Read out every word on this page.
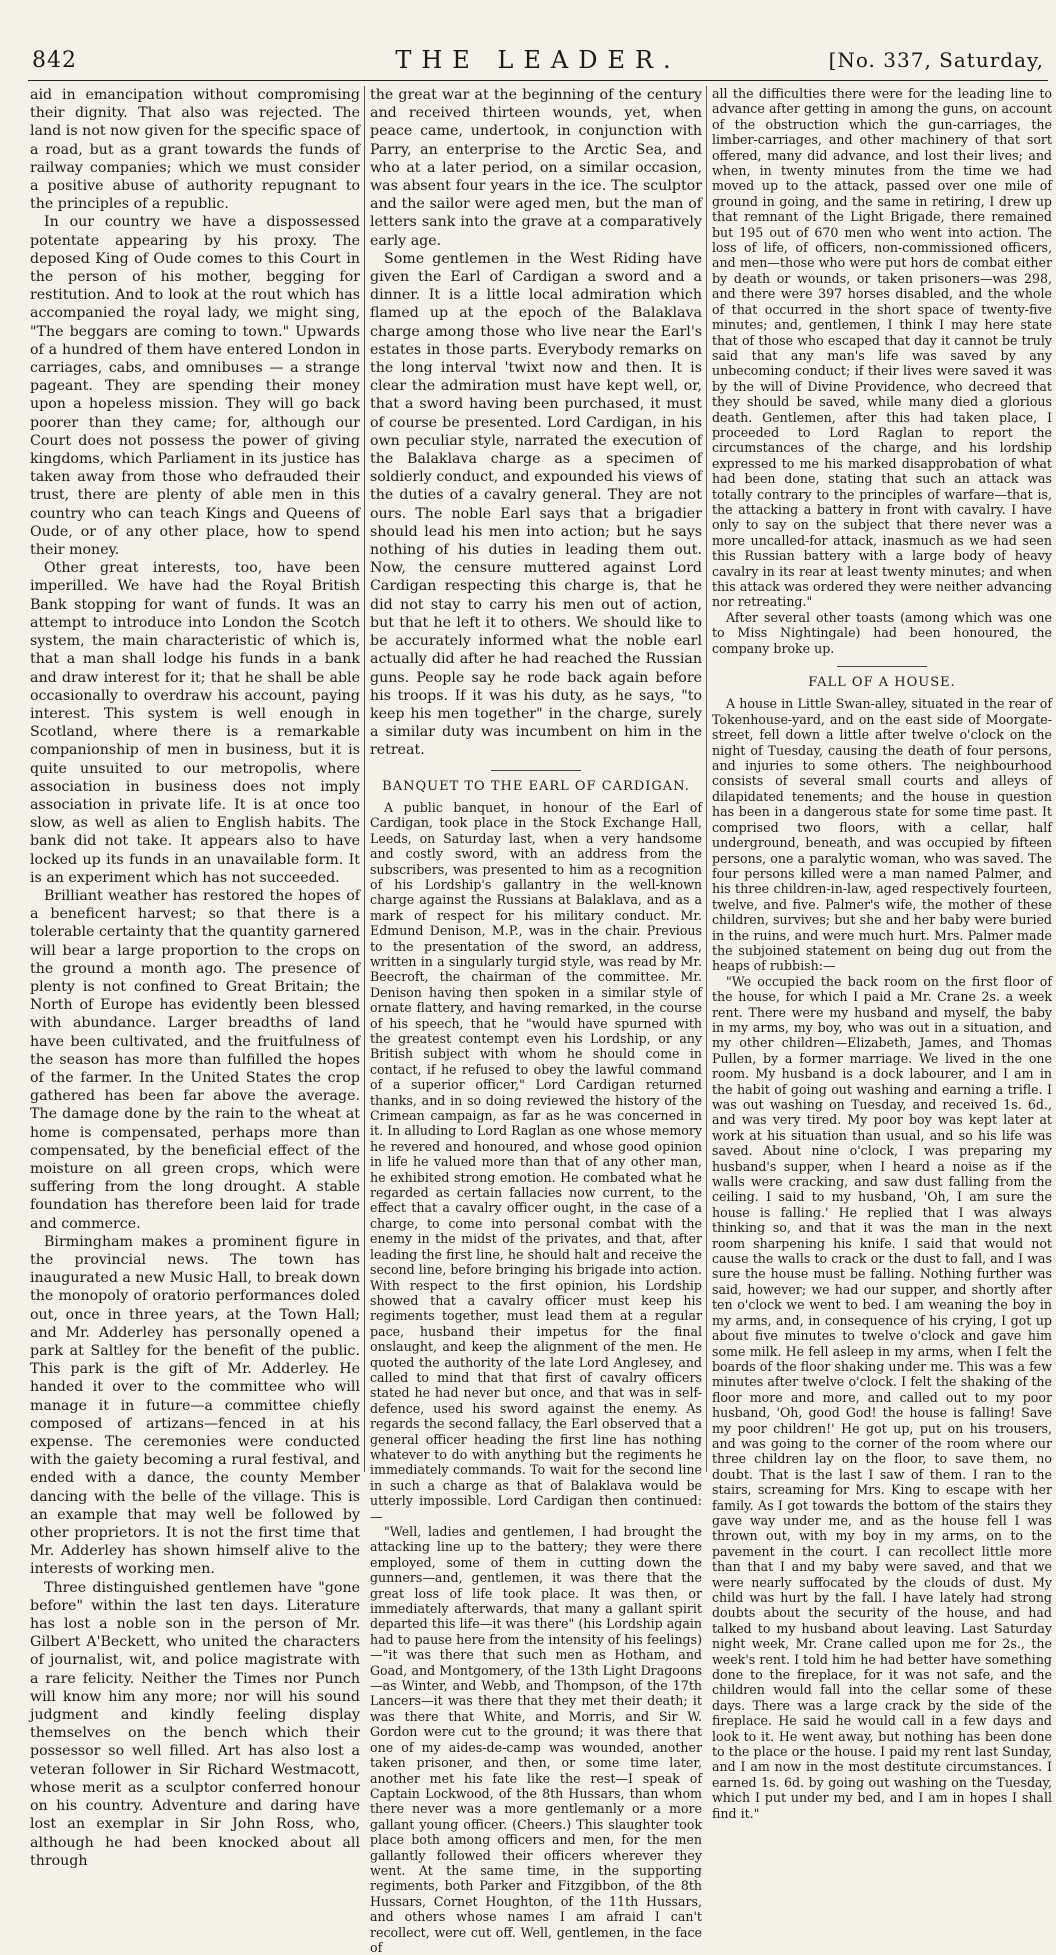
842	THE LEADER.	[No. 337, Saturday,

aid in emancipation without compromising their dignity. That also was rejected. The land is not now given for the specific space of a road, but as a grant towards the funds of railway companies; which we must consider a positive abuse of authority repugnant to the principles of a republic.

In our country we have a dispossessed potentate appearing by his proxy. The deposed King of Oude comes to this Court in the person of his mother, begging for restitution. And to look at the rout which has accompanied the royal lady, we might sing, "The beggars are coming to town." Upwards of a hundred of them have entered London in carriages, cabs, and omnibuses — a strange pageant. They are spending their money upon a hopeless mission. They will go back poorer than they came; for, although our Court does not possess the power of giving kingdoms, which Parliament in its justice has taken away from those who defrauded their trust, there are plenty of able men in this country who can teach Kings and Queens of Oude, or of any other place, how to spend their money.

Other great interests, too, have been imperilled. We have had the Royal British Bank stopping for want of funds. It was an attempt to introduce into London the Scotch system, the main characteristic of which is, that a man shall lodge his funds in a bank and draw interest for it; that he shall be able occasionally to overdraw his account, paying interest. This system is well enough in Scotland, where there is a remarkable companionship of men in business, but it is quite unsuited to our metropolis, where association in business does not imply association in private life. It is at once too slow, as well as alien to English habits. The bank did not take. It appears also to have locked up its funds in an unavailable form. It is an experiment which has not succeeded.

Brilliant weather has restored the hopes of a beneficent harvest; so that there is a tolerable certainty that the quantity garnered will bear a large proportion to the crops on the ground a month ago. The presence of plenty is not confined to Great Britain; the North of Europe has evidently been blessed with abundance. Larger breadths of land have been cultivated, and the fruitfulness of the season has more than fulfilled the hopes of the farmer. In the United States the crop gathered has been far above the average. The damage done by the rain to the wheat at home is compensated, perhaps more than compensated, by the beneficial effect of the moisture on all green crops, which were suffering from the long drought. A stable foundation has therefore been laid for trade and commerce.

Birmingham makes a prominent figure in the provincial news. The town has inaugurated a new Music Hall, to break down the monopoly of oratorio performances doled out, once in three years, at the Town Hall; and Mr. Adderley has personally opened a park at Saltley for the benefit of the public. This park is the gift of Mr. Adderley. He handed it over to the committee who will manage it in future—a committee chiefly composed of artizans—fenced in at his expense. The ceremonies were conducted with the gaiety becoming a rural festival, and ended with a dance, the county Member dancing with the belle of the village. This is an example that may well be followed by other proprietors. It is not the first time that Mr. Adderley has shown himself alive to the interests of working men.

Three distinguished gentlemen have "gone before" within the last ten days. Literature has lost a noble son in the person of Mr. Gilbert A'Beckett, who united the characters of journalist, wit, and police magistrate with a rare felicity. Neither the Times nor Punch will know him any more; nor will his sound judgment and kindly feeling display themselves on the bench which their possessor so well filled. Art has also lost a veteran follower in Sir Richard Westmacott, whose merit as a sculptor conferred honour on his country. Adventure and daring have lost an exemplar in Sir John Ross, who, although he had been knocked about all through

the great war at the beginning of the century and received thirteen wounds, yet, when peace came, undertook, in conjunction with Parry, an enterprise to the Arctic Sea, and who at a later period, on a similar occasion, was absent four years in the ice. The sculptor and the sailor were aged men, but the man of letters sank into the grave at a comparatively early age.

Some gentlemen in the West Riding have given the Earl of Cardigan a sword and a dinner. It is a little local admiration which flamed up at the epoch of the Balaklava charge among those who live near the Earl's estates in those parts. Everybody remarks on the long interval 'twixt now and then. It is clear the admiration must have kept well, or, that a sword having been purchased, it must of course be presented. Lord Cardigan, in his own peculiar style, narrated the execution of the Balaklava charge as a specimen of soldierly conduct, and expounded his views of the duties of a cavalry general. They are not ours. The noble Earl says that a brigadier should lead his men into action; but he says nothing of his duties in leading them out. Now, the censure muttered against Lord Cardigan respecting this charge is, that he did not stay to carry his men out of action, but that he left it to others. We should like to be accurately informed what the noble earl actually did after he had reached the Russian guns. People say he rode back again before his troops. If it was his duty, as he says, "to keep his men together" in the charge, surely a similar duty was incumbent on him in the retreat.

BANQUET TO THE EARL OF CARDIGAN.

A public banquet, in honour of the Earl of Cardigan, took place in the Stock Exchange Hall, Leeds, on Saturday last, when a very handsome and costly sword, with an address from the subscribers, was presented to him as a recognition of his Lordship's gallantry in the well-known charge against the Russians at Balaklava, and as a mark of respect for his military conduct. Mr. Edmund Denison, M.P., was in the chair. Previous to the presentation of the sword, an address, written in a singularly turgid style, was read by Mr. Beecroft, the chairman of the committee. Mr. Denison having then spoken in a similar style of ornate flattery, and having remarked, in the course of his speech, that he "would have spurned with the greatest contempt even his Lordship, or any British subject with whom he should come in contact, if he refused to obey the lawful command of a superior officer," Lord Cardigan returned thanks, and in so doing reviewed the history of the Crimean campaign, as far as he was concerned in it. In alluding to Lord Raglan as one whose memory he revered and honoured, and whose good opinion in life he valued more than that of any other man, he exhibited strong emotion. He combated what he regarded as certain fallacies now current, to the effect that a cavalry officer ought, in the case of a charge, to come into personal combat with the enemy in the midst of the privates, and that, after leading the first line, he should halt and receive the second line, before bringing his brigade into action. With respect to the first opinion, his Lordship showed that a cavalry officer must keep his regiments together, must lead them at a regular pace, husband their impetus for the final onslaught, and keep the alignment of the men. He quoted the authority of the late Lord Anglesey, and called to mind that that first of cavalry officers stated he had never but once, and that was in self-defence, used his sword against the enemy. As regards the second fallacy, the Earl observed that a general officer heading the first line has nothing whatever to do with anything but the regiments he immediately commands. To wait for the second line in such a charge as that of Balaklava would be utterly impossible. Lord Cardigan then continued:—

"Well, ladies and gentlemen, I had brought the attacking line up to the battery; they were there employed, some of them in cutting down the gunners—and, gentlemen, it was there that the great loss of life took place. It was then, or immediately afterwards, that many a gallant spirit departed this life—it was there" (his Lordship again had to pause here from the intensity of his feelings)—"it was there that such men as Hotham, and Goad, and Montgomery, of the 13th Light Dragoons—as Winter, and Webb, and Thompson, of the 17th Lancers—it was there that they met their death; it was there that White, and Morris, and Sir W. Gordon were cut to the ground; it was there that one of my aides-de-camp was wounded, another taken prisoner, and then, or some time later, another met his fate like the rest—I speak of Captain Lockwood, of the 8th Hussars, than whom there never was a more gentlemanly or a more gallant young officer. (Cheers.) This slaughter took place both among officers and men, for the men gallantly followed their officers wherever they went. At the same time, in the supporting regiments, both Parker and Fitzgibbon, of the 8th Hussars, Cornet Houghton, of the 11th Hussars, and others whose names I am afraid I can't recollect, were cut off. Well, gentlemen, in the face of

all the difficulties there were for the leading line to advance after getting in among the guns, on account of the obstruction which the gun-carriages, the limber-carriages, and other machinery of that sort offered, many did advance, and lost their lives; and when, in twenty minutes from the time we had moved up to the attack, passed over one mile of ground in going, and the same in retiring, I drew up that remnant of the Light Brigade, there remained but 195 out of 670 men who went into action. The loss of life, of officers, non-commissioned officers, and men—those who were put hors de combat either by death or wounds, or taken prisoners—was 298, and there were 397 horses disabled, and the whole of that occurred in the short space of twenty-five minutes; and, gentlemen, I think I may here state that of those who escaped that day it cannot be truly said that any man's life was saved by any unbecoming conduct; if their lives were saved it was by the will of Divine Providence, who decreed that they should be saved, while many died a glorious death. Gentlemen, after this had taken place, I proceeded to Lord Raglan to report the circumstances of the charge, and his lordship expressed to me his marked disapprobation of what had been done, stating that such an attack was totally contrary to the principles of warfare—that is, the attacking a battery in front with cavalry. I have only to say on the subject that there never was a more uncalled-for attack, inasmuch as we had seen this Russian battery with a large body of heavy cavalry in its rear at least twenty minutes; and when this attack was ordered they were neither advancing nor retreating."

After several other toasts (among which was one to Miss Nightingale) had been honoured, the company broke up.

FALL OF A HOUSE.

A house in Little Swan-alley, situated in the rear of Tokenhouse-yard, and on the east side of Moorgate-street, fell down a little after twelve o'clock on the night of Tuesday, causing the death of four persons, and injuries to some others. The neighbourhood consists of several small courts and alleys of dilapidated tenements; and the house in question has been in a dangerous state for some time past. It comprised two floors, with a cellar, half underground, beneath, and was occupied by fifteen persons, one a paralytic woman, who was saved. The four persons killed were a man named Palmer, and his three children-in-law, aged respectively fourteen, twelve, and five. Palmer's wife, the mother of these children, survives; but she and her baby were buried in the ruins, and were much hurt. Mrs. Palmer made the subjoined statement on being dug out from the heaps of rubbish:—

"We occupied the back room on the first floor of the house, for which I paid a Mr. Crane 2s. a week rent. There were my husband and myself, the baby in my arms, my boy, who was out in a situation, and my other children—Elizabeth, James, and Thomas Pullen, by a former marriage. We lived in the one room. My husband is a dock labourer, and I am in the habit of going out washing and earning a trifle. I was out washing on Tuesday, and received 1s. 6d., and was very tired. My poor boy was kept later at work at his situation than usual, and so his life was saved. About nine o'clock, I was preparing my husband's supper, when I heard a noise as if the walls were cracking, and saw dust falling from the ceiling. I said to my husband, 'Oh, I am sure the house is falling.' He replied that I was always thinking so, and that it was the man in the next room sharpening his knife. I said that would not cause the walls to crack or the dust to fall, and I was sure the house must be falling. Nothing further was said, however; we had our supper, and shortly after ten o'clock we went to bed. I am weaning the boy in my arms, and, in consequence of his crying, I got up about five minutes to twelve o'clock and gave him some milk. He fell asleep in my arms, when I felt the boards of the floor shaking under me. This was a few minutes after twelve o'clock. I felt the shaking of the floor more and more, and called out to my poor husband, 'Oh, good God! the house is falling! Save my poor children!' He got up, put on his trousers, and was going to the corner of the room where our three children lay on the floor, to save them, no doubt. That is the last I saw of them. I ran to the stairs, screaming for Mrs. King to escape with her family. As I got towards the bottom of the stairs they gave way under me, and as the house fell I was thrown out, with my boy in my arms, on to the pavement in the court. I can recollect little more than that I and my baby were saved, and that we were nearly suffocated by the clouds of dust. My child was hurt by the fall. I have lately had strong doubts about the security of the house, and had talked to my husband about leaving. Last Saturday night week, Mr. Crane called upon me for 2s., the week's rent. I told him he had better have something done to the fireplace, for it was not safe, and the children would fall into the cellar some of these days. There was a large crack by the side of the fireplace. He said he would call in a few days and look to it. He went away, but nothing has been done to the place or the house. I paid my rent last Sunday, and I am now in the most destitute circumstances. I earned 1s. 6d. by going out washing on the Tuesday, which I put under my bed, and I am in hopes I shall find it."
